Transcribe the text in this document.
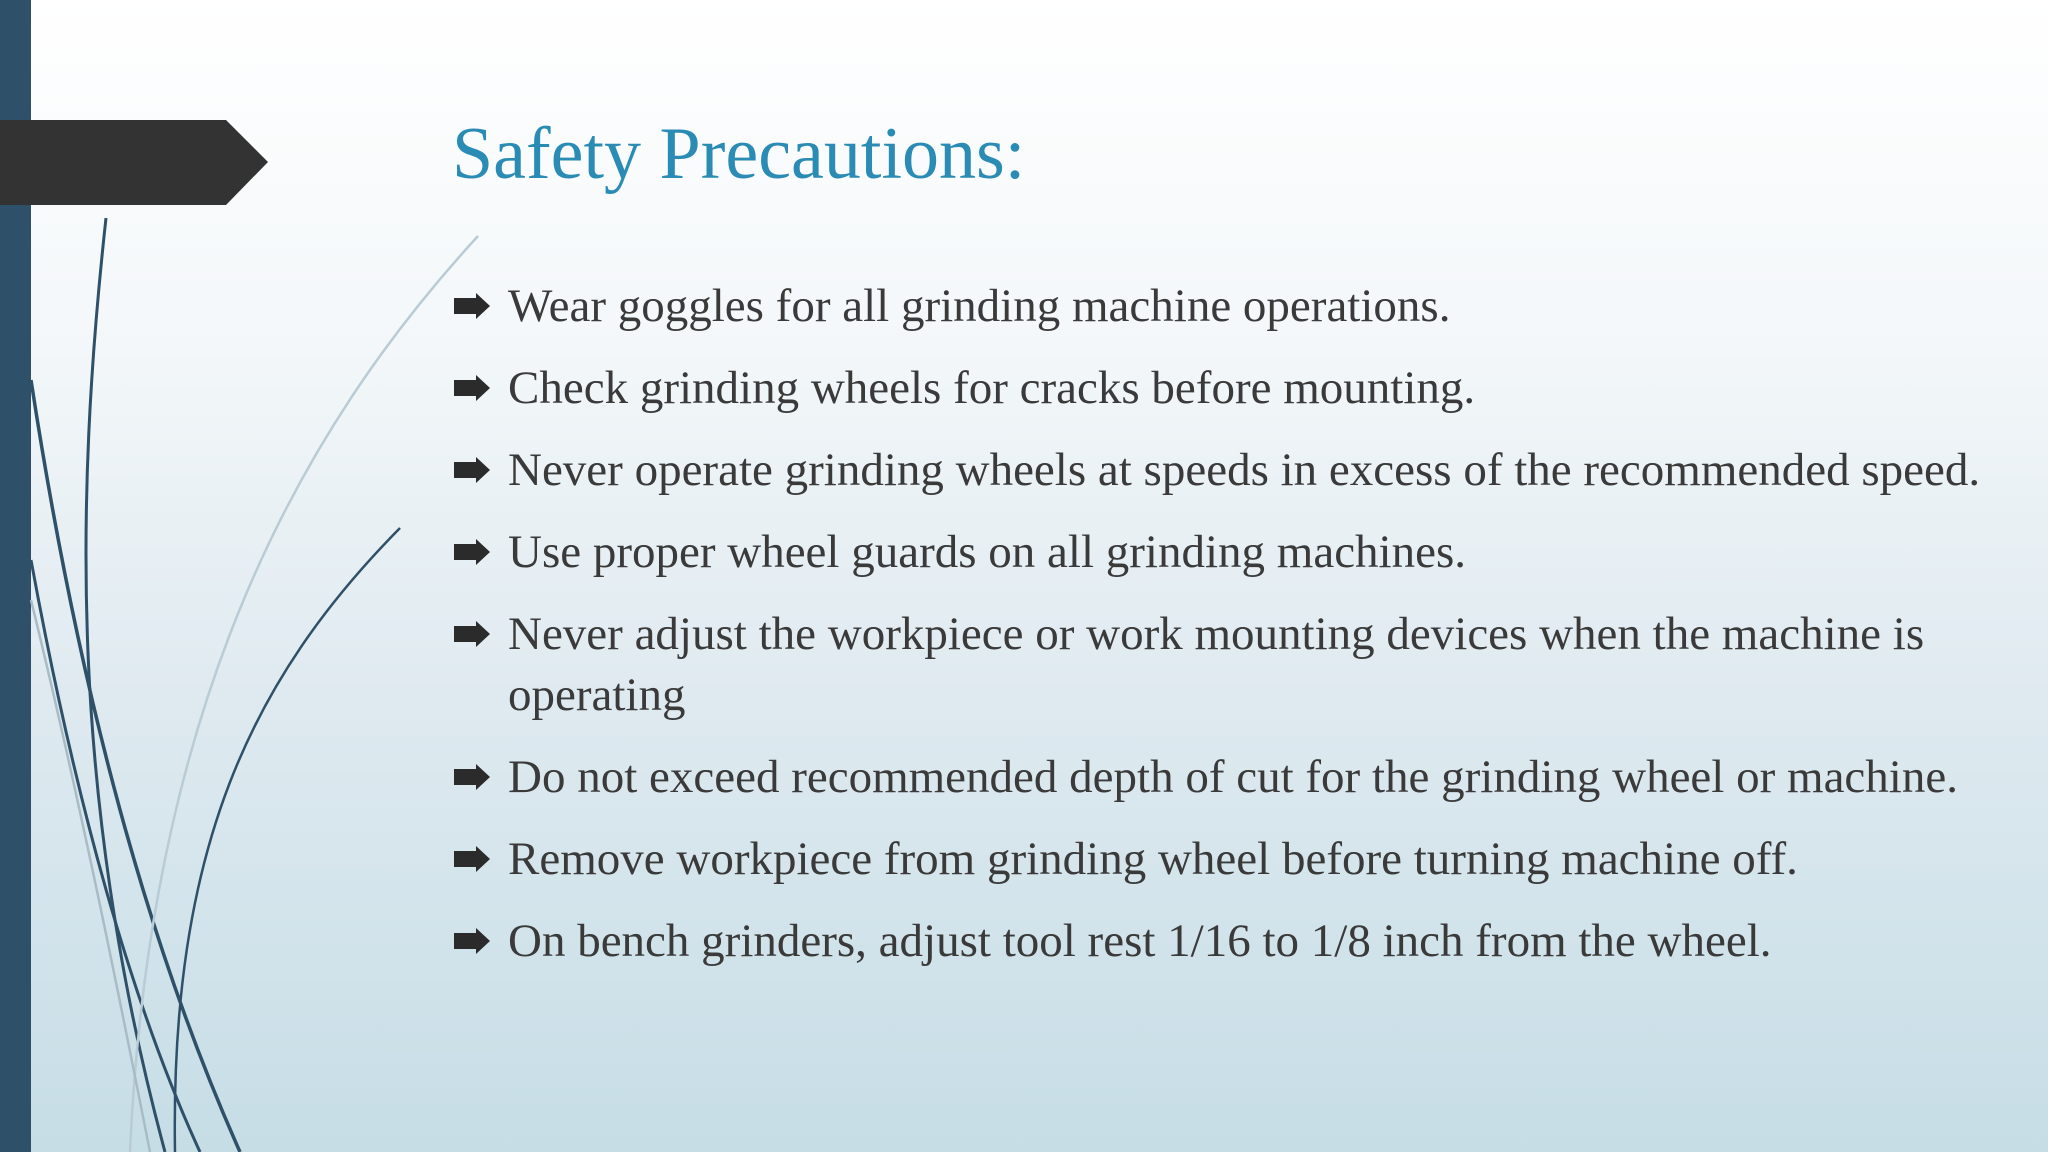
Safety Precautions:
Wear goggles for all grinding machine operations.
Check grinding wheels for cracks before mounting.
Never operate grinding wheels at speeds in excess of the recommended speed.
Use proper wheel guards on all grinding machines.
Never adjust the workpiece or work mounting devices when the machine is operating
Do not exceed recommended depth of cut for the grinding wheel or machine.
Remove workpiece from grinding wheel before turning machine off.
On bench grinders, adjust tool rest 1/16 to 1/8 inch from the wheel.
